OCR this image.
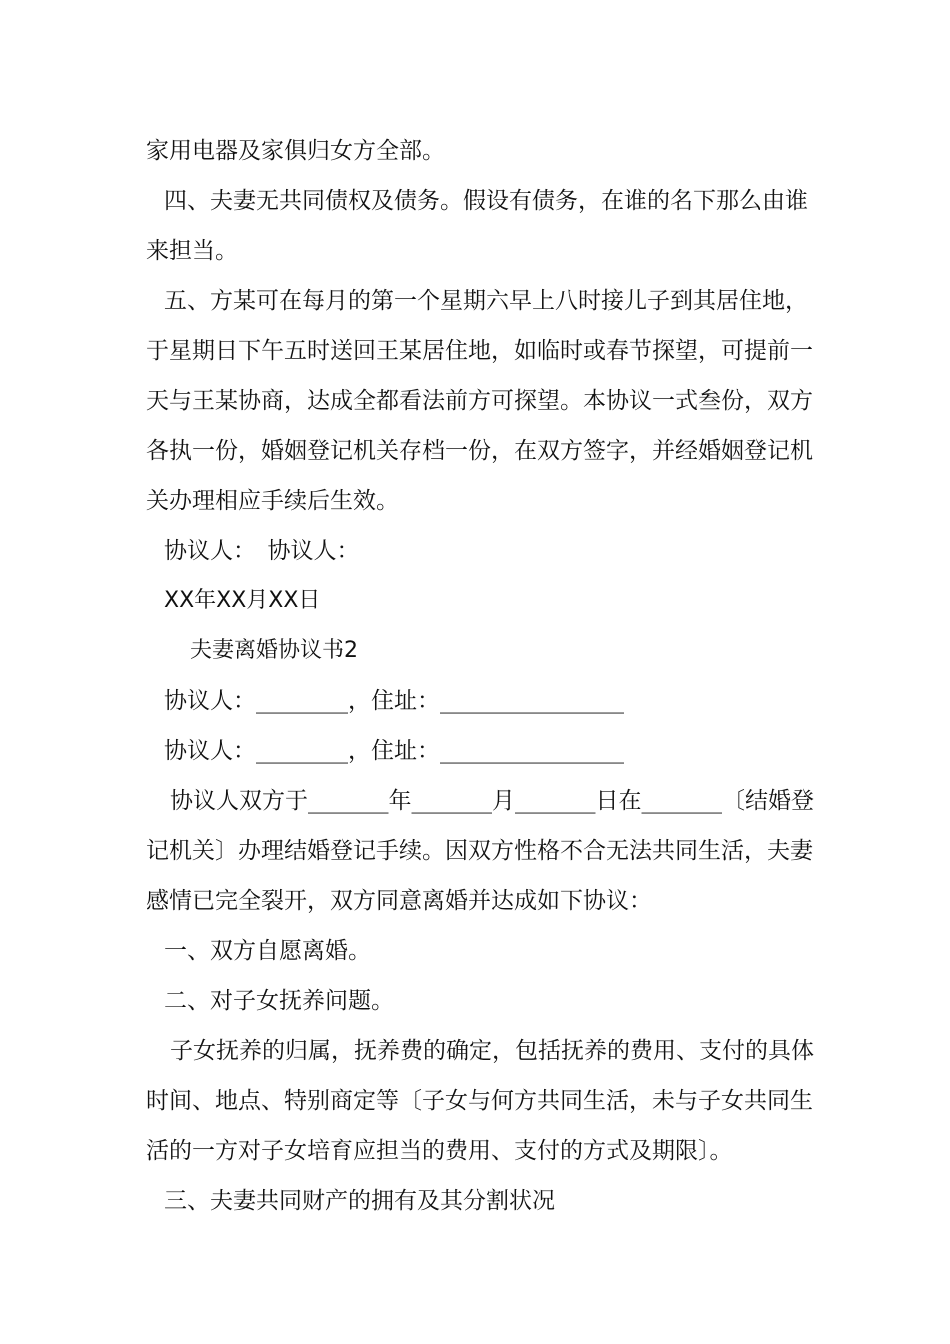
家用电器及家俱归女方全部。
四、夫妻无共同债权及债务。假设有债务，在谁的名下那么由谁
来担当。
五、方某可在每月的第一个星期六早上八时接儿子到其居住地，
于星期日下午五时送回王某居住地，如临时或春节探望，可提前一
天与王某协商，达成全都看法前方可探望。本协议一式叁份，双方
各执一份，婚姻登记机关存档一份，在双方签字，并经婚姻登记机
关办理相应手续后生效。
协议人：　协议人：
XX年XX月XX日
夫妻离婚协议书2
协议人：________，住址：________________
协议人：________，住址：________________
协议人双方于_______年_______月_______日在_______〔结婚登
记机关〕办理结婚登记手续。因双方性格不合无法共同生活，夫妻
感情已完全裂开，双方同意离婚并达成如下协议：
一、双方自愿离婚。
二、对子女抚养问题。
子女抚养的归属，抚养费的确定，包括抚养的费用、支付的具体
时间、地点、特别商定等〔子女与何方共同生活，未与子女共同生
活的一方对子女培育应担当的费用、支付的方式及期限〕。
三、夫妻共同财产的拥有及其分割状况
